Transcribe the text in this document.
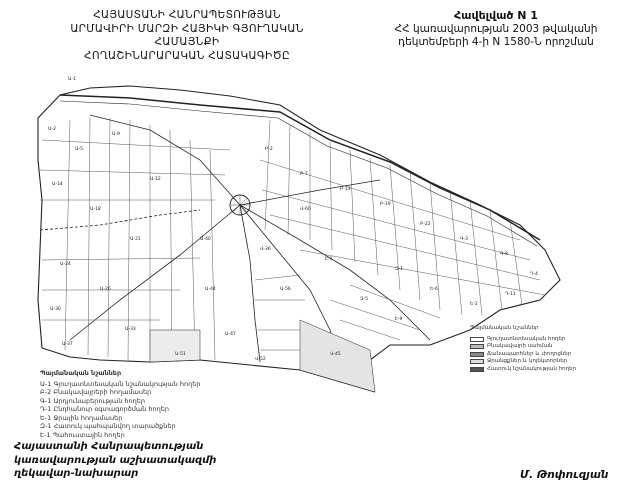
ՀԱՅԱՍՏԱՆԻ ՀԱՆՐԱՊԵՏՈՒԹՅԱՆ
ԱՐՄԱՎԻՐԻ ՄԱՐԶԻ ՀԱՅԻԿԻ ԳՅՈՒՂԱԿԱՆ ՀԱՄԱՅՆՔԻ
ՀՈՂԱՇԻՆԱՐԱՐԱԿԱՆ ՀԱՏԱԿԱԳԻԾԸ
Հավելված N 1
ՀՀ կառավարության 2003 թվականի
դեկտեմբերի 4-ի N 1580-Ն որոշման
Ա-1
Ա-2
Ա-5
Ա-9
Ա-12
Ա-14
Ա-18
Ա-21
Ա-24
Ա-26
Ա-30
Ա-33
Ա-37
Ա-40
Ա-44
Ա-47
Ա-51
Ա-56
Բ-2
Բ-7
Բ-13
Բ-19
Բ-22
Գ-3
Գ-8
Դ-4
Դ-11
Ե-2
Ե-6
Զ-1
Զ-5
Է-3
Է-9
Վ-36
Վ-45
Վ-52
Վ-60
Պայմանական նշաններ
Ա-1 Գյուղատնտեսական նշանակության հողեր
Բ-2 Բնակավայրերի հողամասեր
Գ-1 Արդյունաբերության հողեր
Դ-1 Ընդհանուր օգտագործման հողեր
Ե-1 Ջրային հողամասեր
Զ-1 Հատուկ պահպանվող տարածքներ
Է-1 Պահուստային հողեր
Պայմանական նշաններ
Գյուղատնտեսական հողեր
Բնակավայրի սահման
Ճանապարհներ և փողոցներ
Ջրանցքներ և կոլեկտորներ
Հատուկ նշանակության հողեր
Հայաստանի Հանրապետության
կառավարության աշխատակազմի
ղեկավար-նախարար	Մ. Թոփուզյան
